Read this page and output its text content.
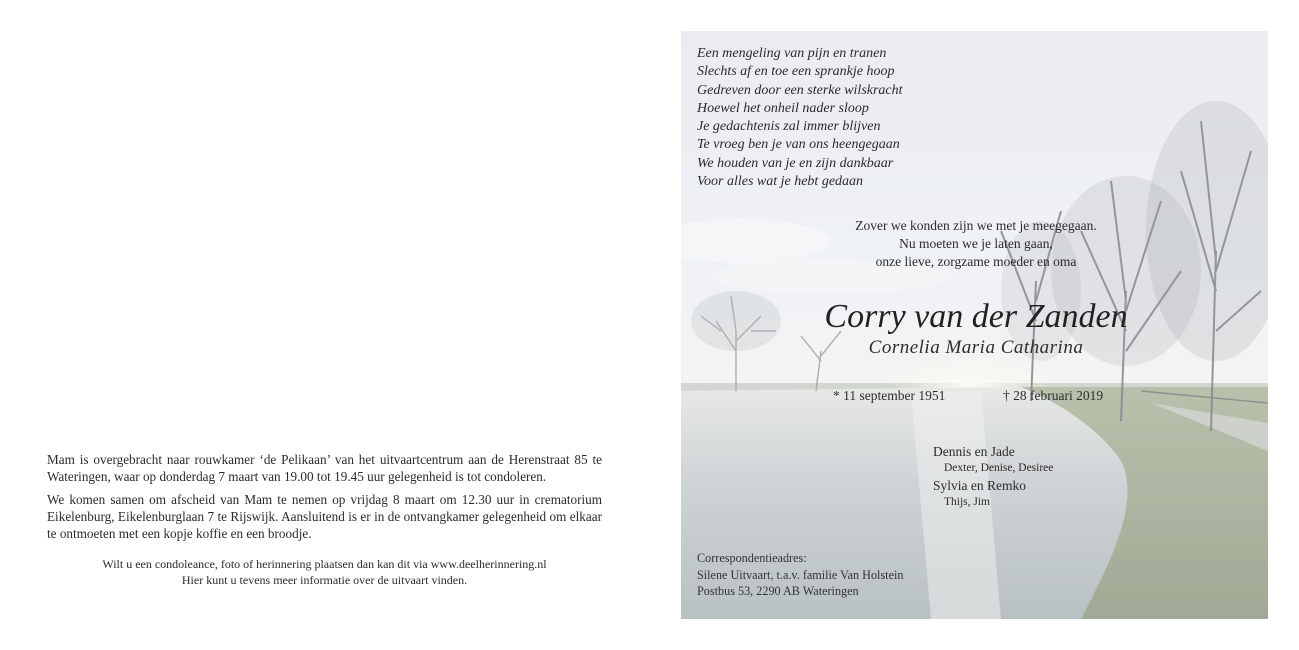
Mam is overgebracht naar rouwkamer ‘de Pelikaan’ van het uitvaartcentrum aan de Herenstraat 85 te Wateringen, waar op donderdag 7 maart van 19.00 tot 19.45 uur gelegenheid is tot condoleren.

We komen samen om afscheid van Mam te nemen op vrijdag 8 maart om 12.30 uur in crematorium Eikelenburg, Eikelenburglaan 7 te Rijswijk. Aansluitend is er in de ontvangkamer gelegenheid om elkaar te ontmoeten met een kopje koffie en een broodje.

Wilt u een condoleance, foto of herinnering plaatsen dan kan dit via www.deelherinnering.nl
Hier kunt u tevens meer informatie over de uitvaart vinden.
Een mengeling van pijn en tranen
Slechts af en toe een sprankje hoop
Gedreven door een sterke wilskracht
Hoewel het onheil nader sloop
Je gedachtenis zal immer blijven
Te vroeg ben je van ons heengegaan
We houden van je en zijn dankbaar
Voor alles wat je hebt gedaan
Zover we konden zijn we met je meegegaan.
Nu moeten we je laten gaan,
onze lieve, zorgzame moeder en oma
Corry van der Zanden
Cornelia Maria Catharina
* 11 september 1951	† 28 februari 2019
Dennis en Jade
Dexter, Denise, Desiree
Sylvia en Remko
Thijs, Jim
Correspondentieadres:
Silene Uitvaart, t.a.v. familie Van Holstein
Postbus 53, 2290 AB Wateringen
